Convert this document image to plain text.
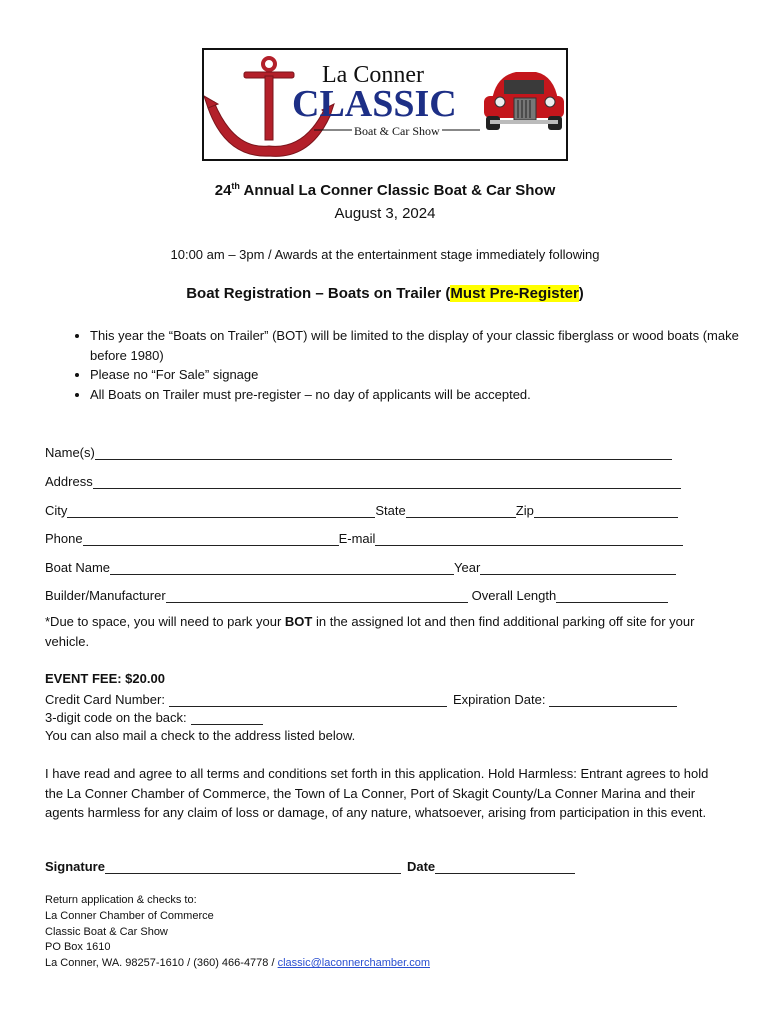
La Conner
CLASSIC
Boat & Car Show
24th Annual La Conner Classic Boat & Car Show
August 3, 2024
10:00 am – 3pm / Awards at the entertainment stage immediately following
Boat Registration – Boats on Trailer (Must Pre-Register)
• This year the “Boats on Trailer” (BOT) will be limited to the display of your classic fiberglass or wood boats (make before 1980)
• Please no “For Sale” signage
• All Boats on Trailer must pre-register – no day of applicants will be accepted.
Name(s)
Address
City	State	Zip
Phone	E-mail
Boat Name	Year
Builder/Manufacturer	Overall Length
*Due to space, you will need to park your BOT in the assigned lot and then find additional parking off site for your vehicle.
EVENT FEE: $20.00
Credit Card Number:	Expiration Date:
3-digit code on the back:
You can also mail a check to the address listed below.
I have read and agree to all terms and conditions set forth in this application. Hold Harmless: Entrant agrees to hold the La Conner Chamber of Commerce, the Town of La Conner, Port of Skagit County/La Conner Marina and their agents harmless for any claim of loss or damage, of any nature, whatsoever, arising from participation in this event.
Signature	Date
Return application & checks to:
La Conner Chamber of Commerce
Classic Boat & Car Show
PO Box 1610
La Conner, WA. 98257-1610 / (360) 466-4778 / classic@laconnerchamber.com
